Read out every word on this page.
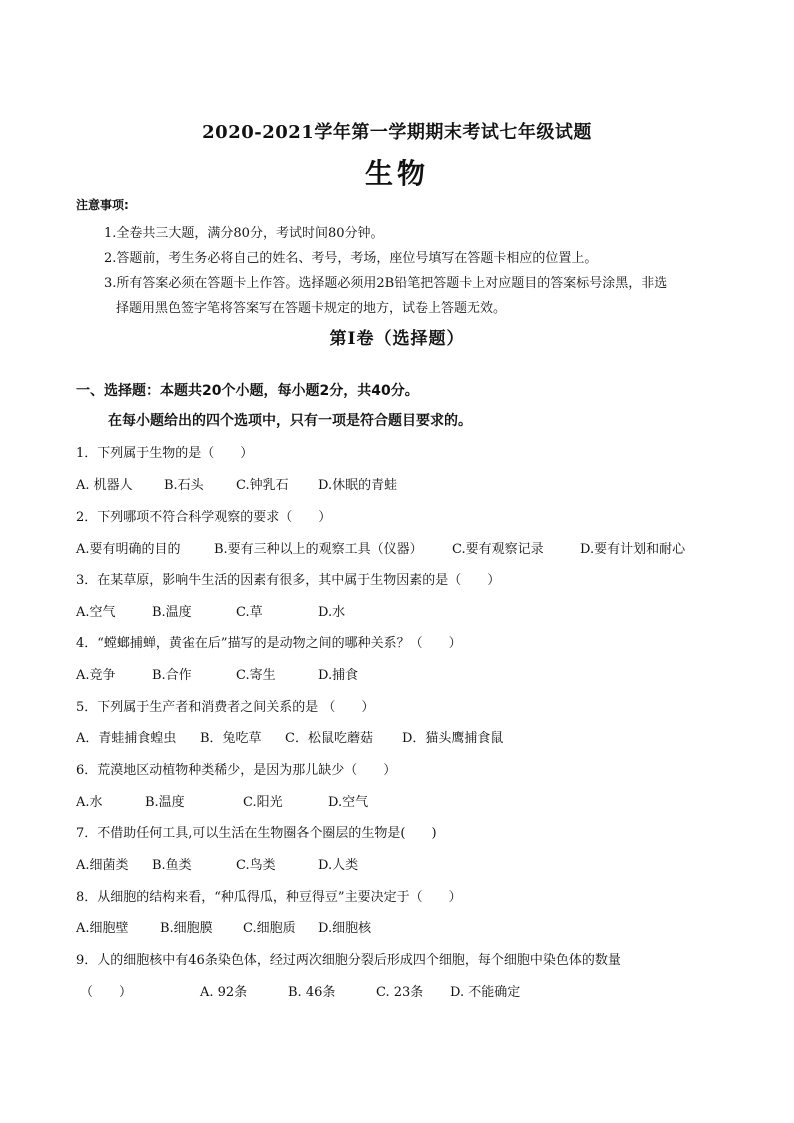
2020-2021学年第一学期期末考试七年级试题
生物
注意事项:
1.全卷共三大题，满分80分，考试时间80分钟。
2.答题前，考生务必将自己的姓名、考号，考场，座位号填写在答题卡相应的位置上。
3.所有答案必须在答题卡上作答。选择题必须用2B铅笔把答题卡上对应题目的答案标号涂黑，非选
择题用黑色签字笔将答案写在答题卡规定的地方，试卷上答题无效。
第Ⅰ卷（选择题）
一、选择题：本题共20个小题，每小题2分，共40分。
在每小题给出的四个选项中，只有一项是符合题目要求的。
1．下列属于生物的是（　　）
A. 机器人 B.石头 C.钟乳石 D.休眠的青蛙
2．下列哪项不符合科学观察的要求（　　）
A.要有明确的目的	B.要有三种以上的观察工具（仪器） C.要有观察记录	D.要有计划和耐心
3．在某草原，影响牛生活的因素有很多，其中属于生物因素的是（　　）
A.空气	B.温度	C.草	D.水
4．“螳螂捕蝉，黄雀在后”描写的是动物之间的哪种关系？（　　）
A.竞争	B.合作	C.寄生	D.捕食
5．下列属于生产者和消费者之间关系的是 （　　）
A．青蛙捕食蝗虫 B．兔吃草 C．松鼠吃蘑菇 D．猫头鹰捕食鼠
6．荒漠地区动植物种类稀少，是因为那儿缺少（　　）
A.水	B.温度	C.阳光	D.空气
7．不借助任何工具,可以生活在生物圈各个圈层的生物是(　　)
A.细菌类 B.鱼类	C.鸟类	D.人类
8．从细胞的结构来看，“种瓜得瓜，种豆得豆”主要决定于（　　）
A.细胞壁 B.细胞膜 C.细胞质 D.细胞核
9．人的细胞核中有46条染色体，经过两次细胞分裂后形成四个细胞，每个细胞中染色体的数量
（　　）	A. 92条	B. 46条	C. 23条 D. 不能确定
